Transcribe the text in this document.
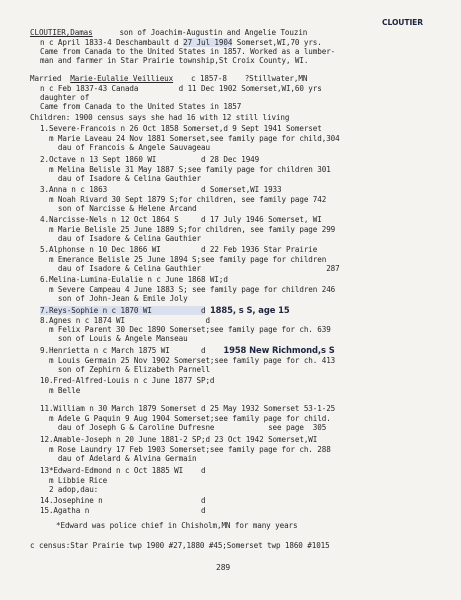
CLOUTIER
CLOUTIER,Damas	son of Joachim-Augustin and Angelie Touzin
n c April 1833-4 Deschambault d 27 Jul 1904 Somerset,WI,70 yrs.
Came from Canada to the United States in 1857. Worked as a lumber-
man and farmer in Star Prairie township,St Croix County, WI.
Married Marie-Eulalie Veillieux c 1857-8 ?Stillwater,MN
n c Feb 1837-43 Canada         d 11 Dec 1902 Somerset,WI,60 yrs
daughter of
Came from Canada to the United States in 1857
Children: 1900 census says she had 16 with 12 still living
1.Severe-Francois n 26 Oct 1858 Somerset,d 9 Sept 1941 Somerset
m Marie Laveau 24 Nov 1881 Somerset,see family page for child,304
dau of Francois & Angele Sauvageau
2.Octave n 13 Sept 1860 WI          d 28 Dec 1949
m Melina Belisle 31 May 1887 S;see family page for children 301
dau of Isadore & Celina Gauthier
3.Anna n c 1863                     d Somerset,WI 1933
m Noah Rivard 30 Sept 1879 S;for children, see family page 742
son of Narcisse & Helene Arcand
4.Narcisse-Nels n 12 Oct 1864 S     d 17 July 1946 Somerset, WI
m Marie Belisle 25 June 1889 S;for children, see family page 299
dau of Isadore & Celina Gauthier
5.Alphonse n 10 Dec 1866 WI         d 22 Feb 1936 Star Prairie
m Emerance Belisle 25 June 1894 S;see family page for children
dau of Isadore & Celina Gauthier                            287
6.Melina-Lumina-Eulalie n c June 1868 WI;d
m Severe Campeau 4 June 1883 S; see family page for children 246
son of John-Jean & Emile Joly
7.Reys-Sophie n c 1870 WI           d 1885, s S, age 15
8.Agnes n c 1874 WI                  d
m Felix Parent 30 Dec 1890 Somerset;see family page for ch. 639
son of Louis & Angele Manseau
9.Henrietta n c March 1875 WI       d 1958 New Richmond,s S
m Louis Germain 25 Nov 1902 Somerset;see family page for ch. 413
son of Zephirn & Elizabeth Parnell
10.Fred-Alfred-Louis n c June 1877 SP;d
m Belle
11.William n 30 March 1879 Somerset d 25 May 1932 Somerset 53-1-25
m Adele G Paquin 9 Aug 1904 Somerset;see family page for child.
dau of Joseph G & Caroline Dufresne            see page  305
12.Amable-Joseph n 20 June 1881-2 SP;d 23 Oct 1942 Somerset,WI
m Rose Laundry 17 Feb 1903 Somerset;see family page for ch. 288
dau of Adelard & Alvina Germain
13*Edward-Edmond n c Oct 1885 WI    d
m Libbie Rice
2 adop,dau:
14.Josephine n                      d
15.Agatha n                         d
*Edward was police chief in Chisholm,MN for many years
c census:Star Prairie twp 1900 #27,1880 #45;Somerset twp 1860 #1015
289
